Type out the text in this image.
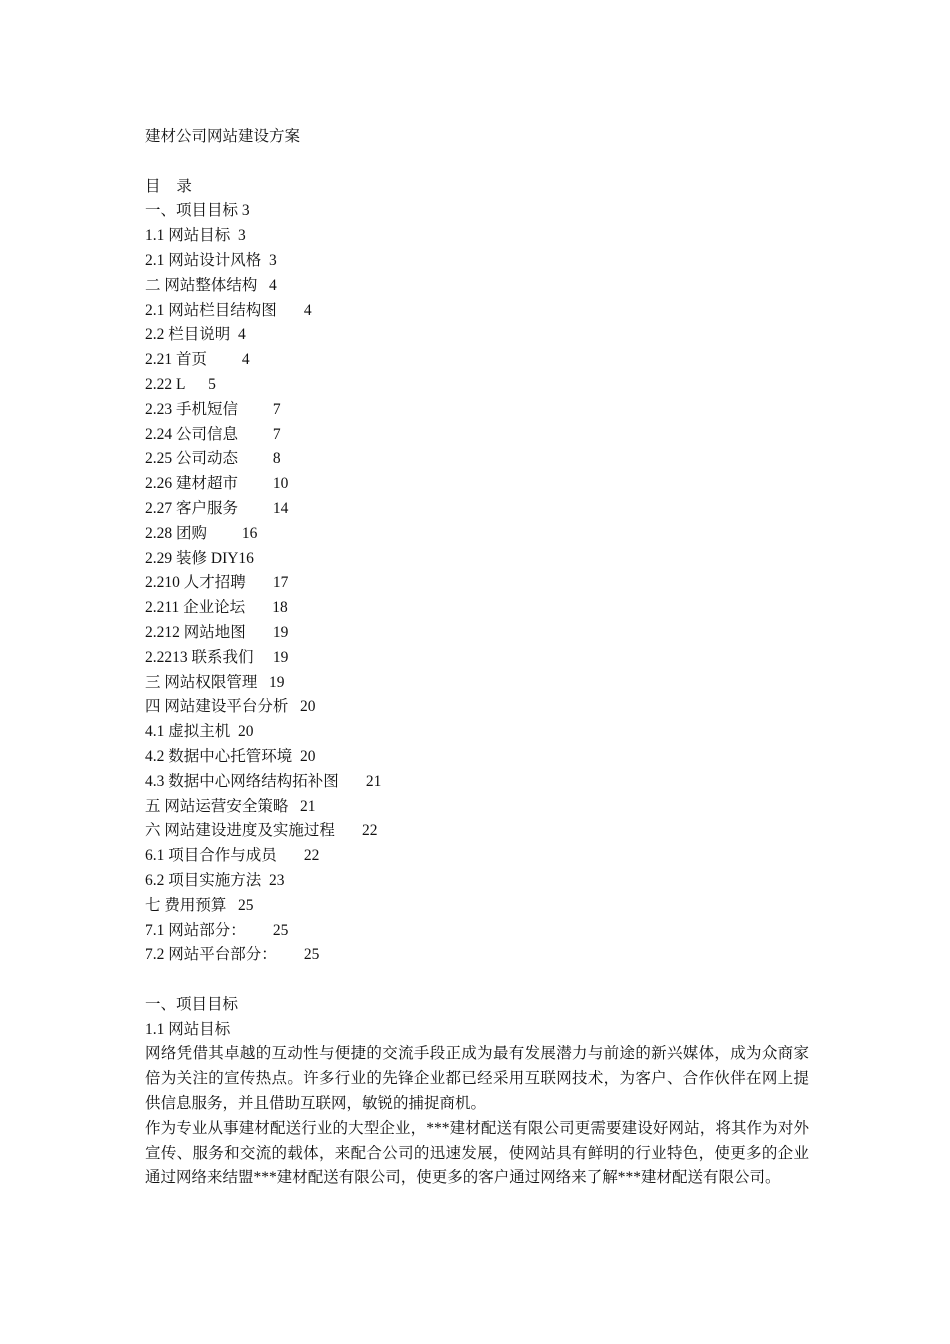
建材公司网站建设方案
目 录
一、项目目标 3
1.1 网站目标  3
2.1 网站设计风格  3
二 网站整体结构   4
2.1 网站栏目结构图       4
2.2 栏目说明  4
2.21 首页         4
2.22 L      5
2.23 手机短信         7
2.24 公司信息         7
2.25 公司动态         8
2.26 建材超市         10
2.27 客户服务         14
2.28 团购         16
2.29 装修 DIY16
2.210 人才招聘       17
2.211 企业论坛       18
2.212 网站地图       19
2.2213 联系我们     19
三 网站权限管理   19
四 网站建设平台分析   20
4.1 虚拟主机  20
4.2 数据中心托管环境  20
4.3 数据中心网络结构拓补图       21
五 网站运营安全策略   21
六 网站建设进度及实施过程       22
6.1 项目合作与成员       22
6.2 项目实施方法  23
七 费用预算   25
7.1 网站部分：       25
7.2 网站平台部分：       25
一、项目目标
1.1 网站目标
网络凭借其卓越的互动性与便捷的交流手段正成为最有发展潜力与前途的新兴媒体，成为众商家倍为关注的宣传热点。许多行业的先锋企业都已经采用互联网技术，为客户、合作伙伴在网上提供信息服务，并且借助互联网，敏锐的捕捉商机。
作为专业从事建材配送行业的大型企业，***建材配送有限公司更需要建设好网站，将其作为对外宣传、服务和交流的载体，来配合公司的迅速发展，使网站具有鲜明的行业特色，使更多的企业通过网络来结盟***建材配送有限公司，使更多的客户通过网络来了解***建材配送有限公司。
